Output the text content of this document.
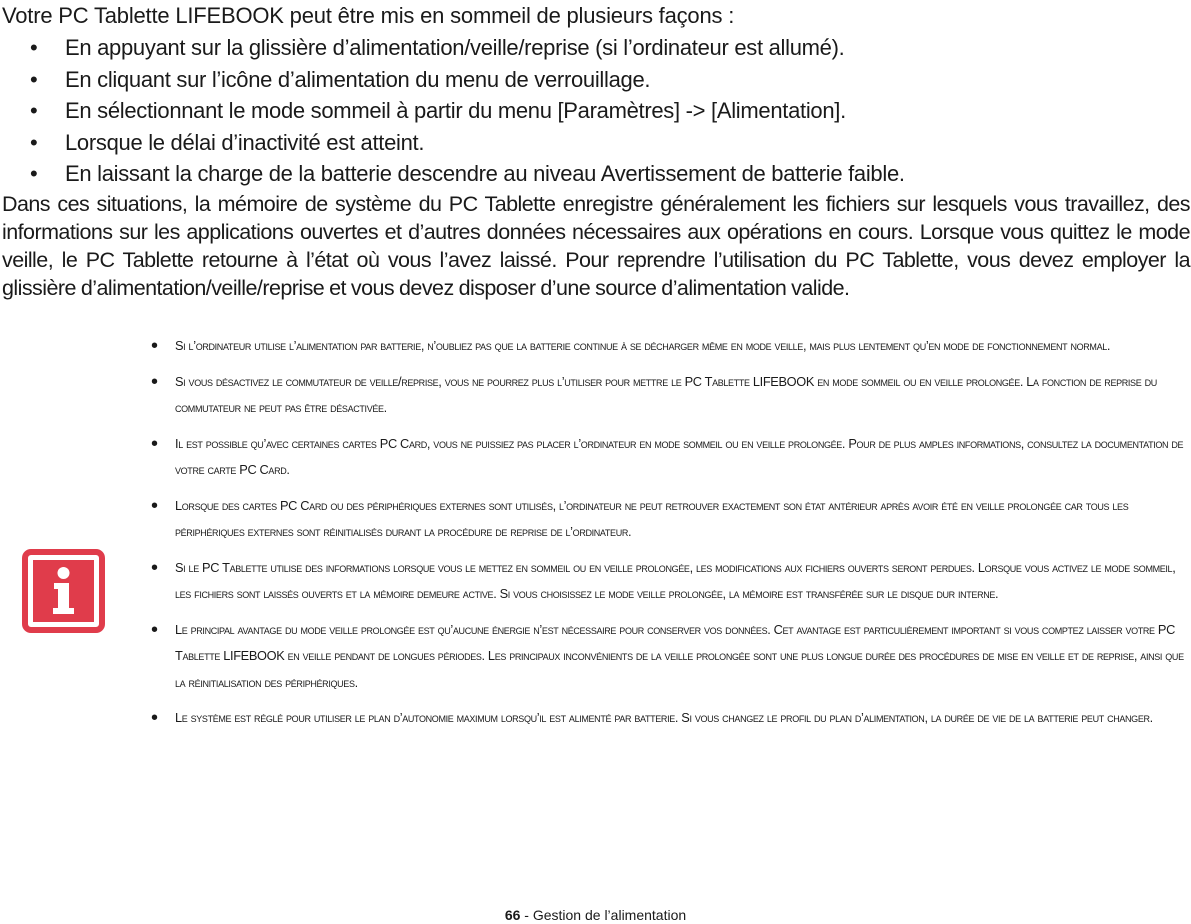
Votre PC Tablette LIFEBOOK peut être mis en sommeil de plusieurs façons :
• En appuyant sur la glissière d’alimentation/veille/reprise (si l’ordinateur est allumé).
• En cliquant sur l’icône d’alimentation du menu de verrouillage.
• En sélectionnant le mode sommeil à partir du menu [Paramètres] -> [Alimentation].
• Lorsque le délai d’inactivité est atteint.
• En laissant la charge de la batterie descendre au niveau Avertissement de batterie faible.

Dans ces situations, la mémoire de système du PC Tablette enregistre généralement les fichiers sur lesquels vous travaillez, des informations sur les applications ouvertes et d’autres données nécessaires aux opérations en cours. Lorsque vous quittez le mode veille, le PC Tablette retourne à l’état où vous l’avez laissé. Pour reprendre l’utilisation du PC Tablette, vous devez employer la glissière d’alimentation/veille/reprise et vous devez disposer d’une source d’alimentation valide.

• Si l’ordinateur utilise l’alimentation par batterie, n’oubliez pas que la batterie continue à se décharger même en mode veille, mais plus lentement qu’en mode de fonctionnement normal.
• Si vous désactivez le commutateur de veille/reprise, vous ne pourrez plus l’utiliser pour mettre le PC Tablette LIFEBOOK en mode sommeil ou en veille prolongée. La fonction de reprise du commutateur ne peut pas être désactivée.
• Il est possible qu’avec certaines cartes PC Card, vous ne puissiez pas placer l’ordinateur en mode sommeil ou en veille prolongée. Pour de plus amples informations, consultez la documentation de votre carte PC Card.
• Lorsque des cartes PC Card ou des périphériques externes sont utilisés, l’ordinateur ne peut retrouver exactement son état antérieur après avoir été en veille prolongée car tous les périphériques externes sont réinitialisés durant la procédure de reprise de l’ordinateur.
• Si le PC Tablette utilise des informations lorsque vous le mettez en sommeil ou en veille prolongée, les modifications aux fichiers ouverts seront perdues. Lorsque vous activez le mode sommeil, les fichiers sont laissés ouverts et la mémoire demeure active. Si vous choisissez le mode veille prolongée, la mémoire est transférée sur le disque dur interne.
• Le principal avantage du mode veille prolongée est qu’aucune énergie n’est nécessaire pour conserver vos données. Cet avantage est particulièrement important si vous comptez laisser votre PC Tablette LIFEBOOK en veille pendant de longues périodes. Les principaux inconvénients de la veille prolongée sont une plus longue durée des procédures de mise en veille et de reprise, ainsi que la réinitialisation des périphériques.
• Le système est réglé pour utiliser le plan d’autonomie maximum lorsqu’il est alimenté par batterie. Si vous changez le profil du plan d’alimentation, la durée de vie de la batterie peut changer.
66 - Gestion de l’alimentation
